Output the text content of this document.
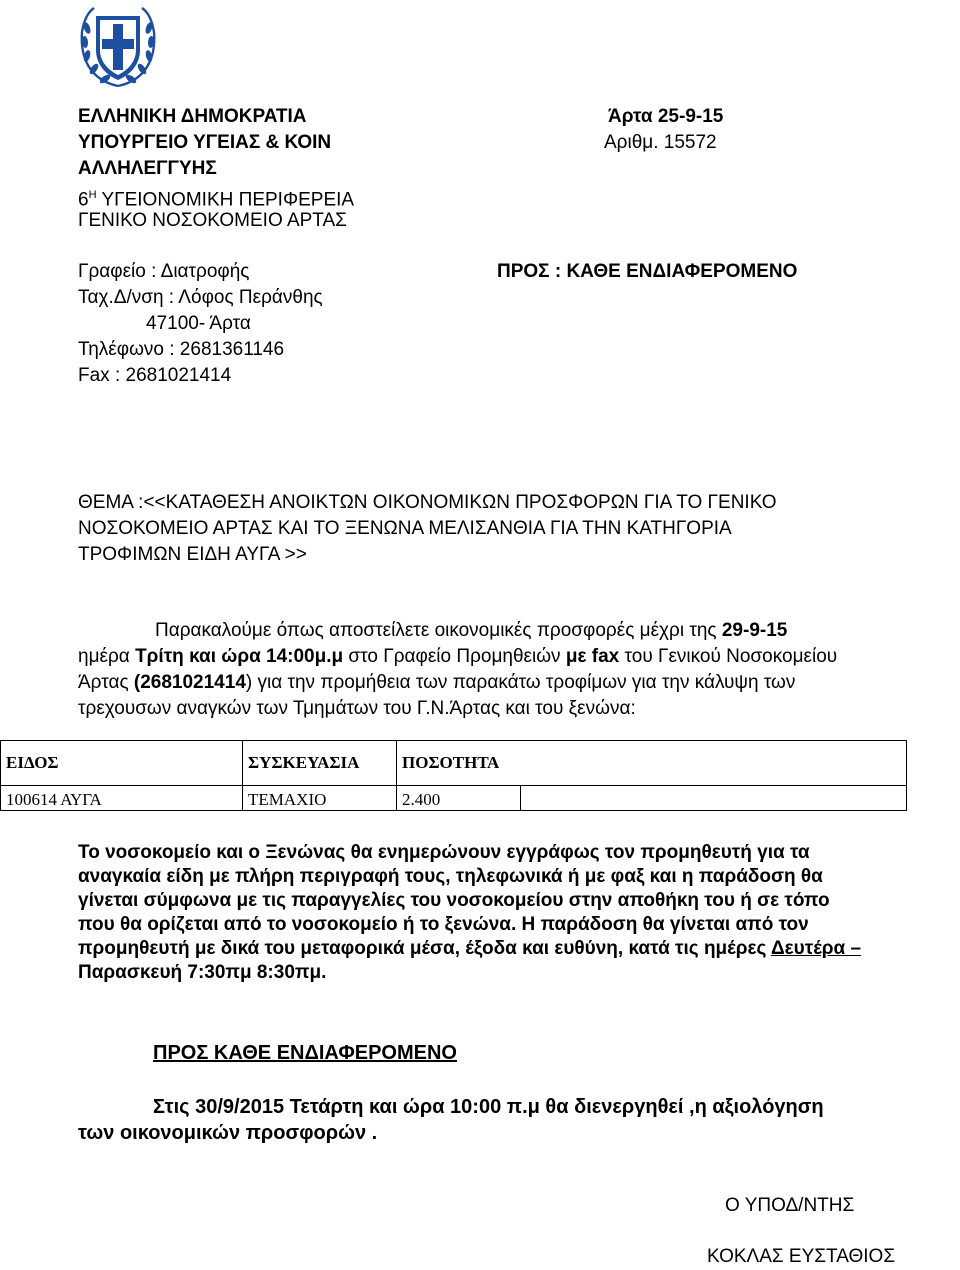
ΕΛΛΗΝΙΚΗ ΔΗΜΟΚΡΑΤΙΑ
ΥΠΟΥΡΓΕΙΟ ΥΓΕΙΑΣ & ΚΟΙΝ
ΑΛΛΗΛΕΓΓΥΗΣ
$6^H$ ΥΓΕΙΟΝΟΜΙΚΗ ΠΕΡΙΦΕΡΕΙΑ
ΓΕΝΙΚΟ ΝΟΣΟΚΟΜΕΙΟ ΑΡΤΑΣ
Άρτα 25-9-15
Αριθμ. 15572
Γραφείο : Διατροφής
Ταχ.Δ/νση : Λόφος Περάνθης
47100- Άρτα
Τηλέφωνο : 2681361146
Fax : 2681021414
ΠΡΟΣ : ΚΑΘΕ ΕΝΔΙΑΦΕΡΟΜΕΝΟ
ΘΕΜΑ :<<ΚΑΤΑΘΕΣΗ ΑΝΟΙΚΤΩΝ ΟΙΚΟΝΟΜΙΚΩΝ ΠΡΟΣΦΟΡΩΝ ΓΙΑ ΤΟ ΓΕΝΙΚΟ
ΝΟΣΟΚΟΜΕΙΟ ΑΡΤΑΣ ΚΑΙ ΤΟ ΞΕΝΩΝΑ ΜΕΛΙΣΑΝΘΙΑ ΓΙΑ ΤΗΝ ΚΑΤΗΓΟΡΙΑ
ΤΡΟΦΙΜΩΝ ΕΙΔΗ ΑΥΓΑ >>
Παρακαλούμε όπως αποστείλετε οικονομικές προσφορές μέχρι της 29-9-15
ημέρα Τρίτη και ώρα 14:00μ.μ στο Γραφείο Προμηθειών με fax του Γενικού Νοσοκομείου
Άρτας (2681021414) για την προμήθεια των παρακάτω τροφίμων για την κάλυψη των
τρεχουσων αναγκών των Τμημάτων του Γ.Ν.Άρτας και του ξενώνα:
ΕΙΔΟΣ	ΣΥΣΚΕΥΑΣΙΑ	ΠΟΣΟΤΗΤΑ	
100614 ΑΥΓΑ	ΤΕΜΑΧΙΟ	2.400	
Το νοσοκομείο και ο Ξενώνας θα ενημερώνουν εγγράφως τον προμηθευτή για τα
αναγκαία είδη με πλήρη περιγραφή τους, τηλεφωνικά ή με φαξ και η παράδοση θα
γίνεται σύμφωνα με τις παραγγελίες του νοσοκομείου στην αποθήκη του ή σε τόπο
που θα ορίζεται από το νοσοκομείο ή το ξενώνα. Η παράδοση θα γίνεται από τον
προμηθευτή με δικά του μεταφορικά μέσα, έξοδα και ευθύνη, κατά τις ημέρες Δευτέρα –
Παρασκευή 7:30πμ 8:30πμ.
ΠΡΟΣ ΚΑΘΕ ΕΝΔΙΑΦΕΡΟΜΕΝΟ
Στις 30/9/2015 Τετάρτη και ώρα 10:00 π.μ θα διενεργηθεί ,η αξιολόγηση
των οικονομικών προσφορών .
Ο ΥΠΟΔ/ΝΤΗΣ
ΚΟΚΛΑΣ ΕΥΣΤΑΘΙΟΣ
